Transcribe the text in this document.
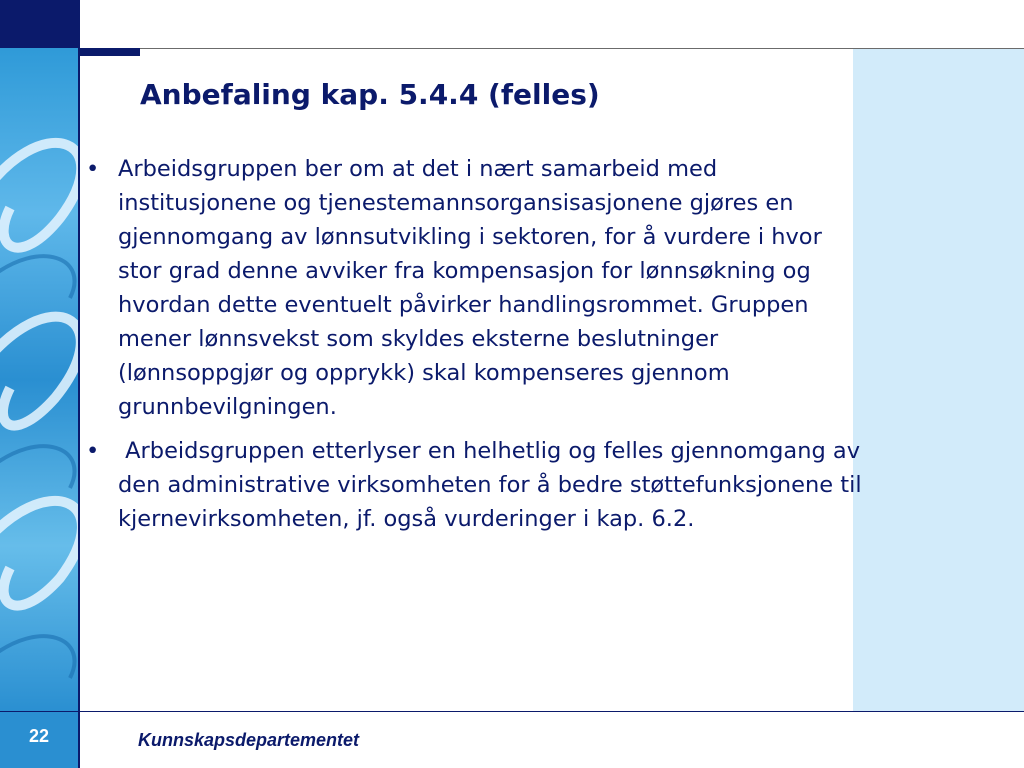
Anbefaling kap. 5.4.4 (felles)
• Arbeidsgruppen ber om at det i nært samarbeid med institusjonene og tjenestemannsorgansisasjonene gjøres en gjennomgang av lønnsutvikling i sektoren, for å vurdere i hvor stor grad denne avviker fra kompensasjon for lønnsøkning og hvordan dette eventuelt påvirker handlingsrommet. Gruppen mener lønnsvekst som skyldes eksterne beslutninger (lønnsoppgjør og opprykk) skal kompenseres gjennom grunnbevilgningen.
• Arbeidsgruppen etterlyser en helhetlig og felles gjennomgang av den administrative virksomheten for å bedre støttefunksjonene til kjernevirksomheten, jf. også vurderinger i kap. 6.2.
22	Kunnskapsdepartementet
